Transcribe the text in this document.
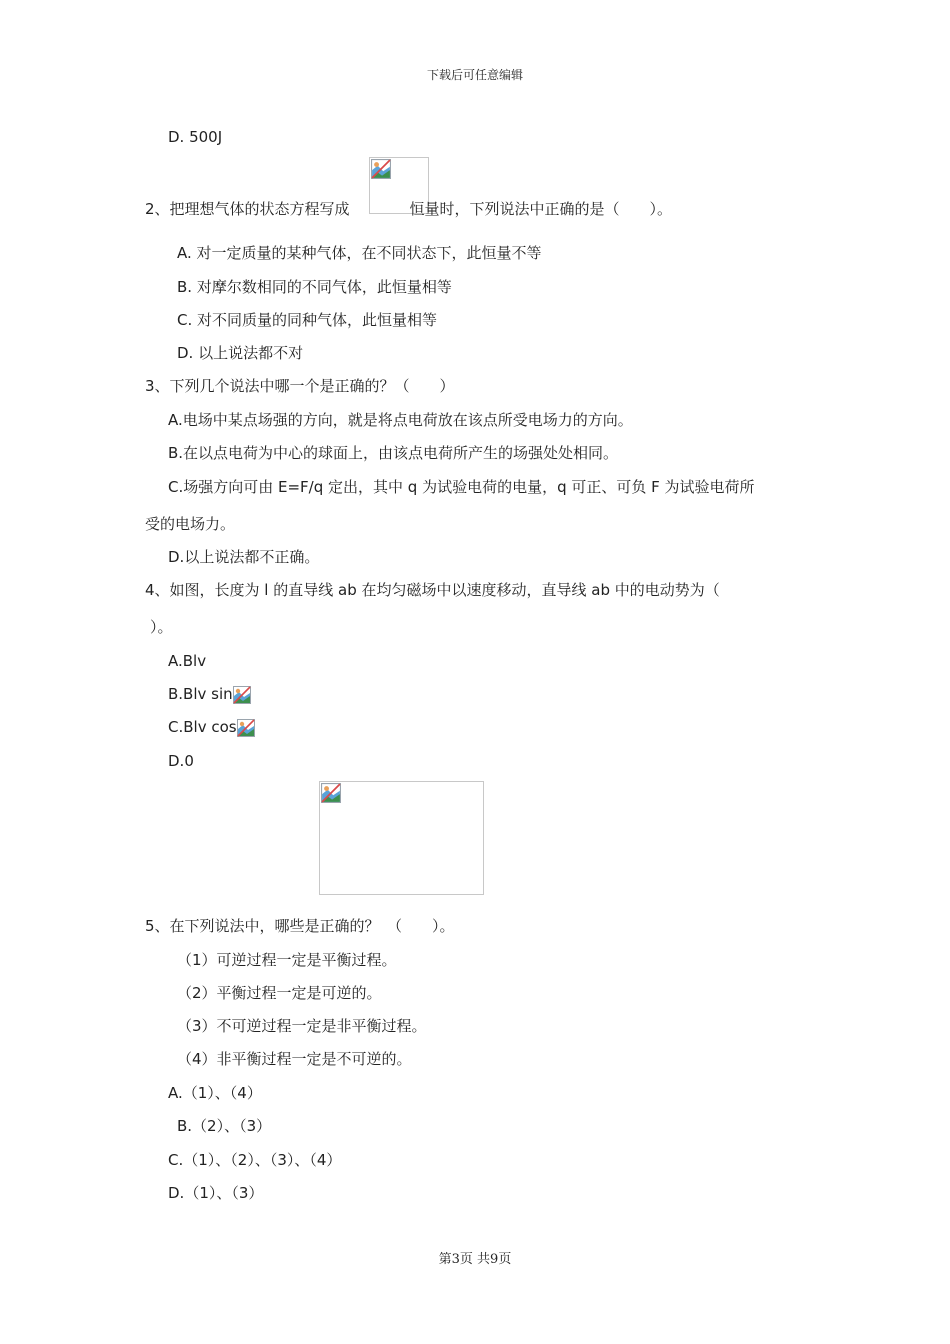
下载后可任意编辑
D. 500J
2、把理想气体的状态方程写成	恒量时，下列说法中正确的是（　　）。
A. 对一定质量的某种气体，在不同状态下，此恒量不等
B. 对摩尔数相同的不同气体，此恒量相等
C. 对不同质量的同种气体，此恒量相等
D. 以上说法都不对
3、下列几个说法中哪一个是正确的？（　　）
A.电场中某点场强的方向，就是将点电荷放在该点所受电场力的方向。
B.在以点电荷为中心的球面上，由该点电荷所产生的场强处处相同。
C.场强方向可由 E=F/q 定出，其中 q 为试验电荷的电量，q 可正、可负 F 为试验电荷所
受的电场力。
D.以上说法都不正确。
4、如图，长度为 l 的直导线 ab 在均匀磁场中以速度移动，直导线 ab 中的电动势为（
）。
A.Blv
B.Blv sin
C.Blv cos
D.0
5、在下列说法中，哪些是正确的？　（　　）。
（1）可逆过程一定是平衡过程。
（2）平衡过程一定是可逆的。
（3）不可逆过程一定是非平衡过程。
（4）非平衡过程一定是不可逆的。
A.（1）、（4）
B.（2）、（3）
C.（1）、（2）、（3）、（4）
D.（1）、（3）
第3页 共9页
